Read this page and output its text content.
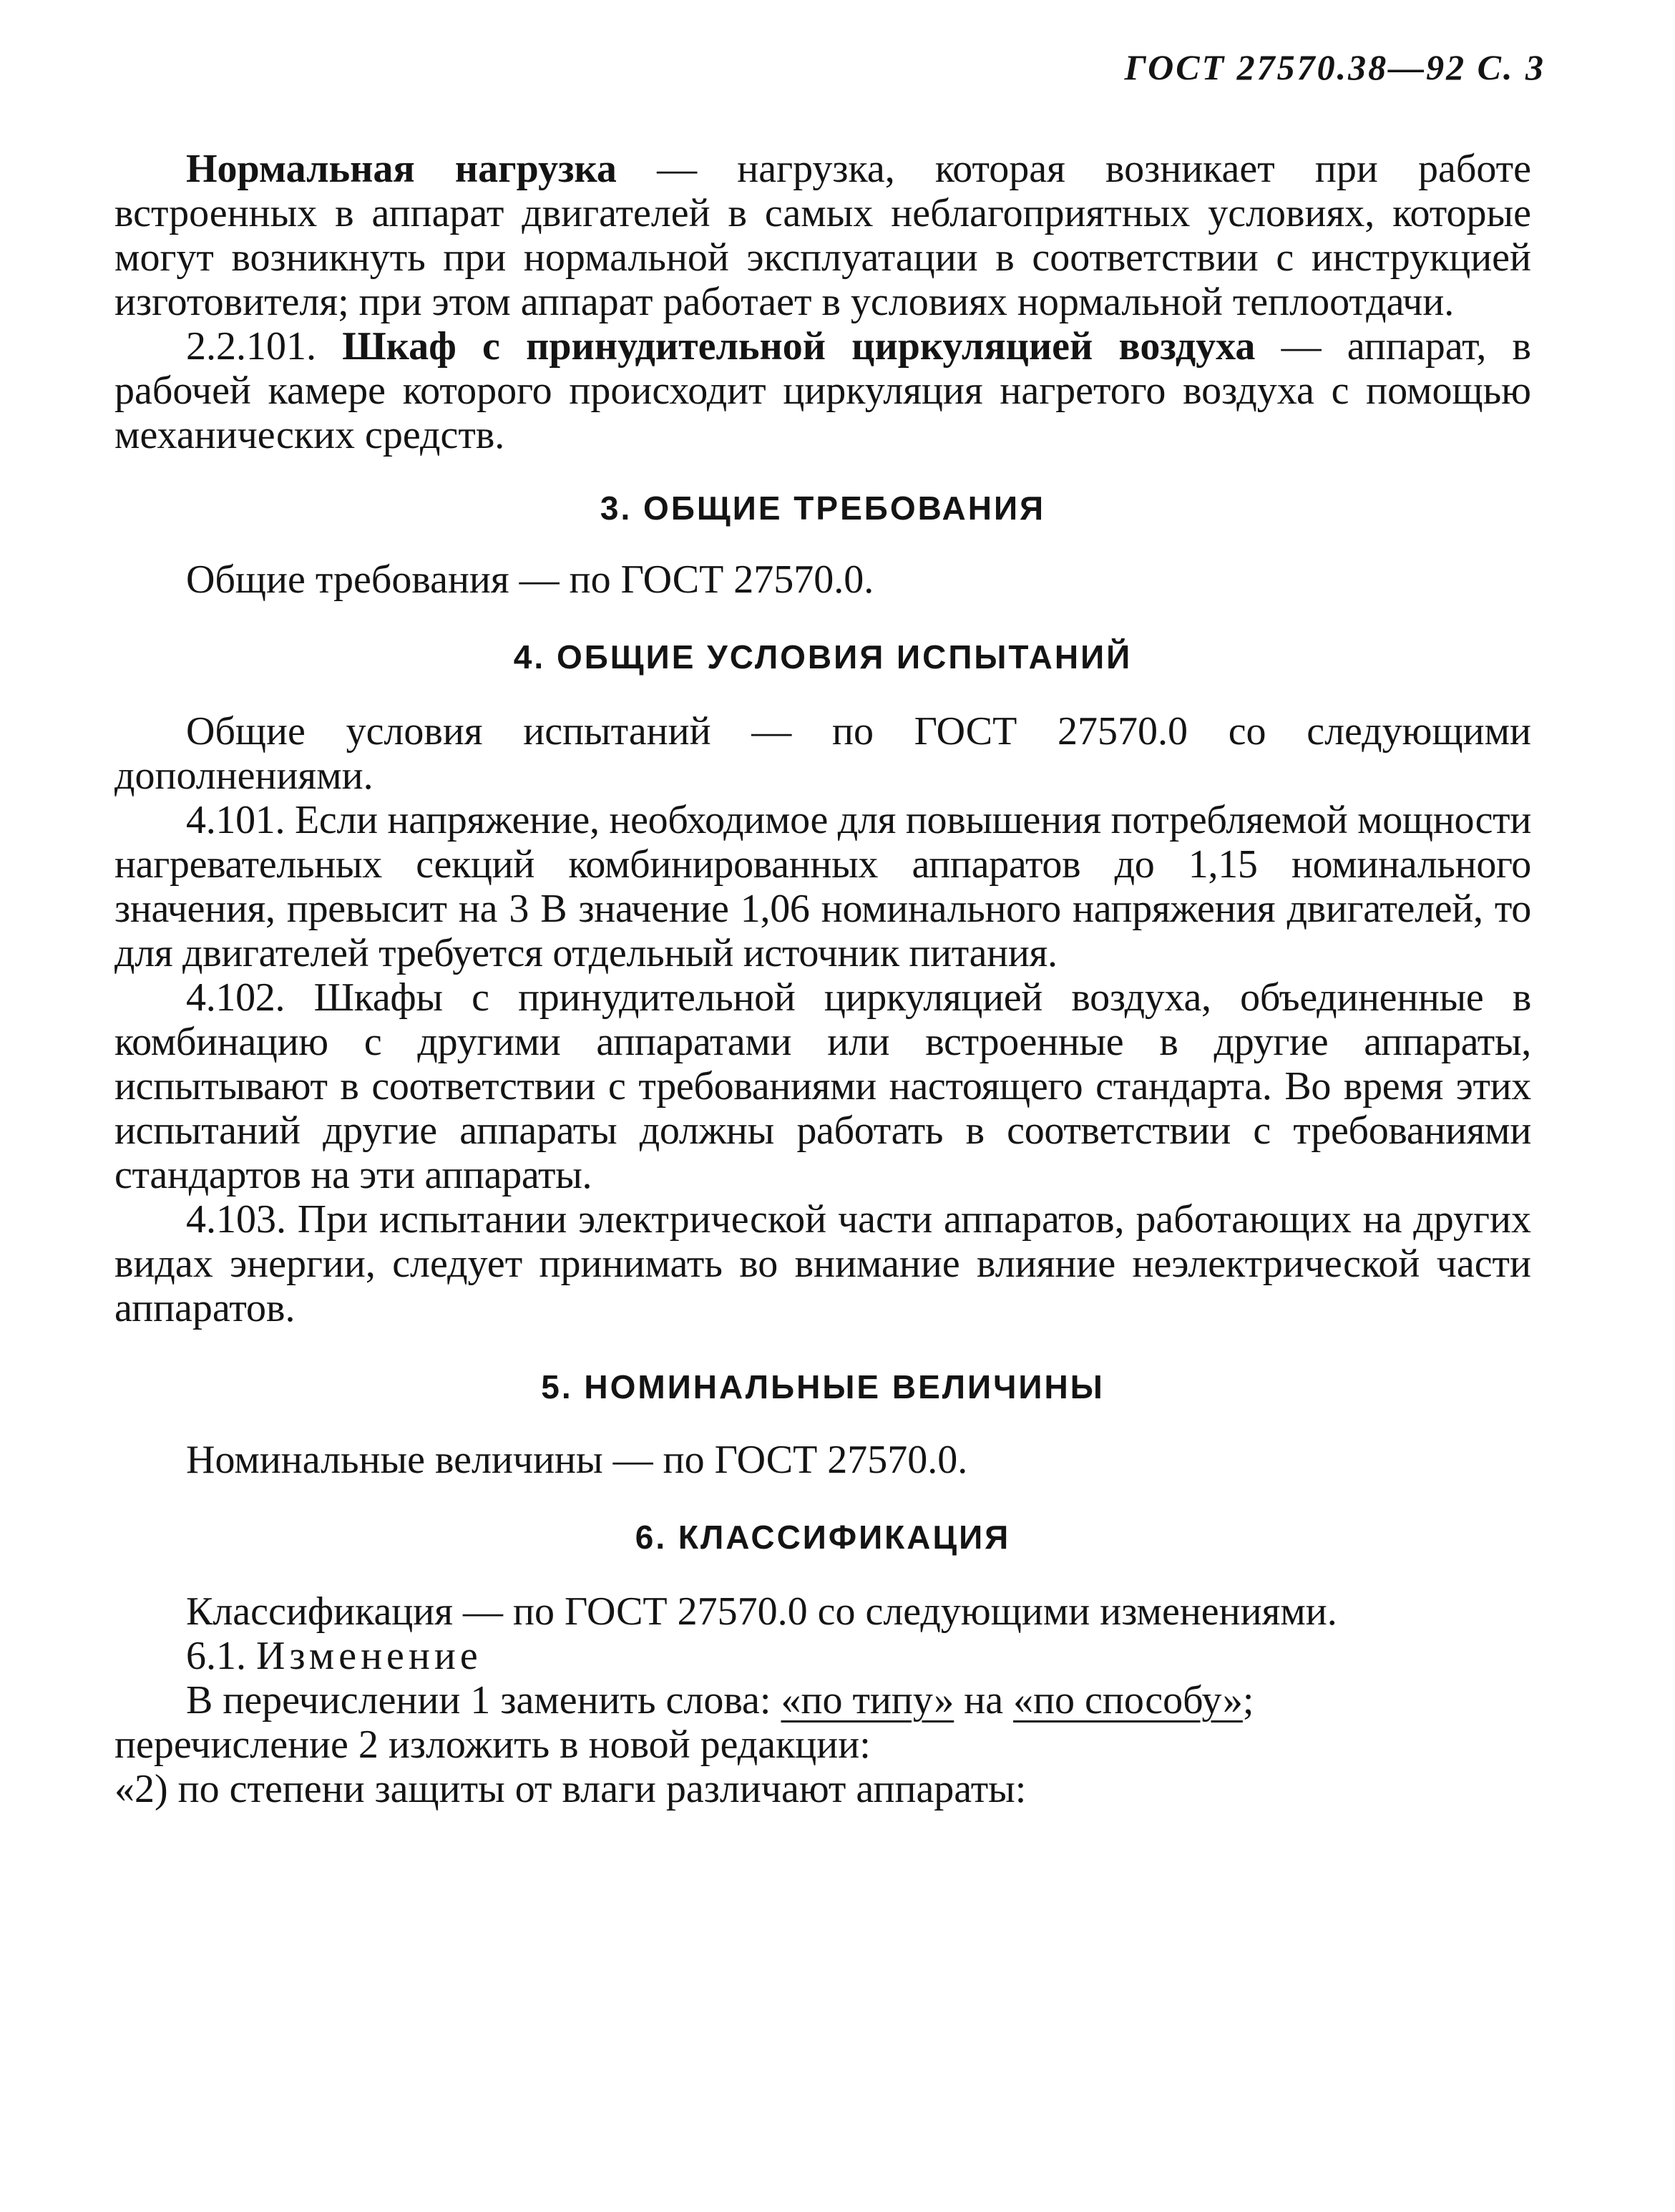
ГОСТ 27570.38—92 С. 3

Нормальная нагрузка — нагрузка, которая возникает при работе встроенных в аппарат двигателей в самых неблагоприятных условиях, которые могут возникнуть при нормальной эксплуатации в соответствии с инструкцией изготовителя; при этом аппарат работает в условиях нормальной теплоотдачи.

2.2.101. Шкаф с принудительной циркуляцией воздуха — аппарат, в рабочей камере которого происходит циркуляция нагретого воздуха с помощью механических средств.

3. ОБЩИЕ ТРЕБОВАНИЯ

Общие требования — по ГОСТ 27570.0.

4. ОБЩИЕ УСЛОВИЯ ИСПЫТАНИЙ

Общие условия испытаний — по ГОСТ 27570.0 со следующими дополнениями.

4.101. Если напряжение, необходимое для повышения потребляемой мощности нагревательных секций комбинированных аппаратов до 1,15 номинального значения, превысит на 3 В значение 1,06 номинального напряжения двигателей, то для двигателей требуется отдельный источник питания.

4.102. Шкафы с принудительной циркуляцией воздуха, объединенные в комбинацию с другими аппаратами или встроенные в другие аппараты, испытывают в соответствии с требованиями настоящего стандарта. Во время этих испытаний другие аппараты должны работать в соответствии с требованиями стандартов на эти аппараты.

4.103. При испытании электрической части аппаратов, работающих на других видах энергии, следует принимать во внимание влияние неэлектрической части аппаратов.

5. НОМИНАЛЬНЫЕ ВЕЛИЧИНЫ

Номинальные величины — по ГОСТ 27570.0.

6. КЛАССИФИКАЦИЯ

Классификация — по ГОСТ 27570.0 со следующими изменениями.

6.1. Изменение

В перечислении 1 заменить слова: «по типу» на «по способу»;

перечисление 2 изложить в новой редакции:

«2) по степени защиты от влаги различают аппараты:
